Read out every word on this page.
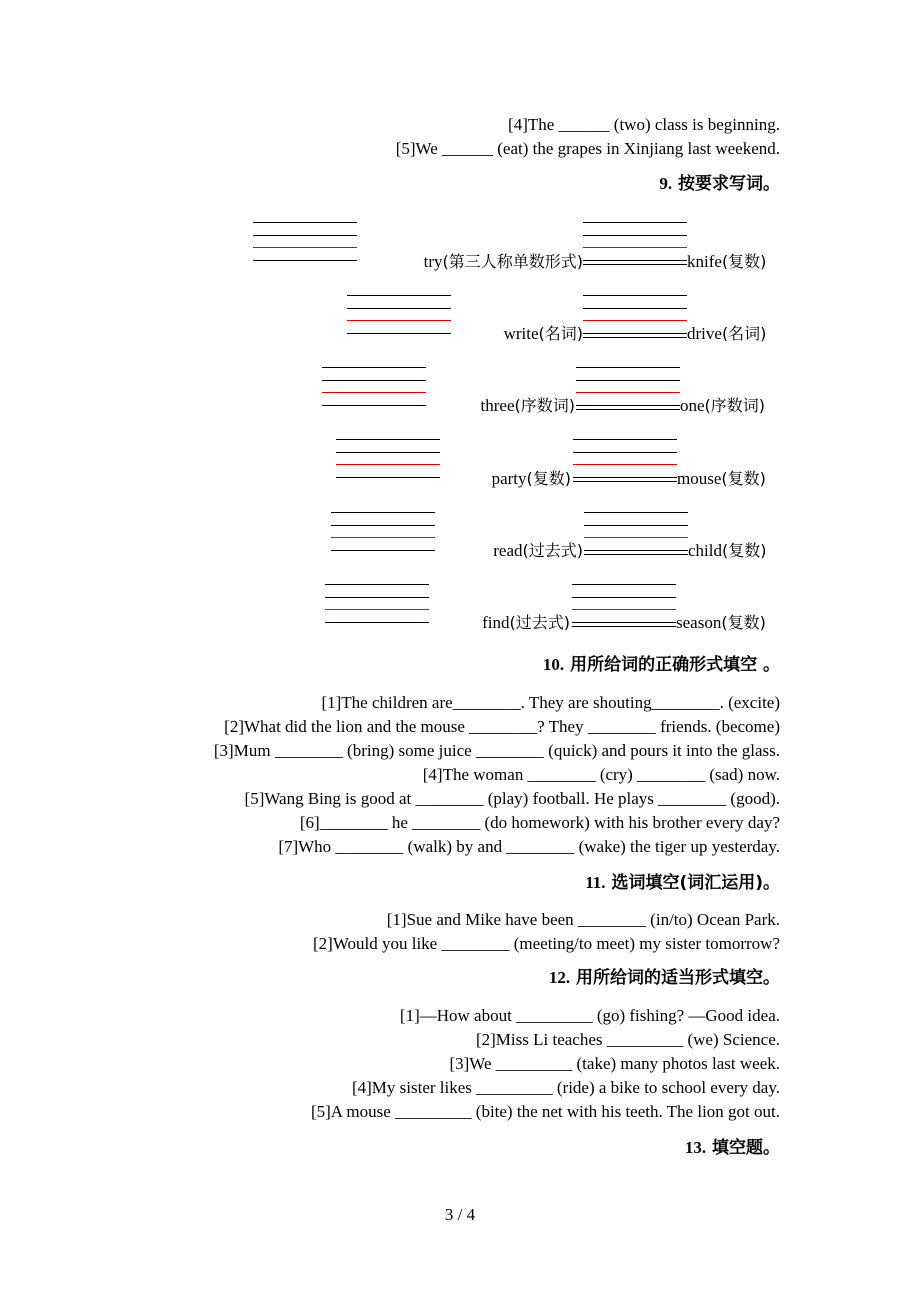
[4]The ______ (two) class is beginning.
[5]We ______ (eat) the grapes in Xinjiang last weekend.
9. 按要求写词。
try(第三人称单数形式)	knife(复数)
write(名词)	drive(名词)
three(序数词)	one(序数词)
party(复数)	mouse(复数)
read(过去式)	child(复数)
find(过去式)	season(复数)
10. 用所给词的正确形式填空 。
[1]The children are________. They are shouting________. (excite)
[2]What did the lion and the mouse ________? They ________ friends. (become)
[3]Mum ________ (bring) some juice ________ (quick) and pours it into the glass.
[4]The woman ________ (cry) ________ (sad) now.
[5]Wang Bing is good at ________ (play) football. He plays ________ (good).
[6]________ he ________ (do homework) with his brother every day?
[7]Who ________ (walk) by and ________ (wake) the tiger up yesterday.
11. 选词填空(词汇运用)。
[1]Sue and Mike have been ________ (in/to) Ocean Park.
[2]Would you like ________ (meeting/to meet) my sister tomorrow?
12. 用所给词的适当形式填空。
[1]—How about _________ (go) fishing? —Good idea.
[2]Miss Li teaches _________ (we) Science.
[3]We _________ (take) many photos last week.
[4]My sister likes _________ (ride) a bike to school every day.
[5]A mouse _________ (bite) the net with his teeth. The lion got out.
13. 填空题。
3 / 4
